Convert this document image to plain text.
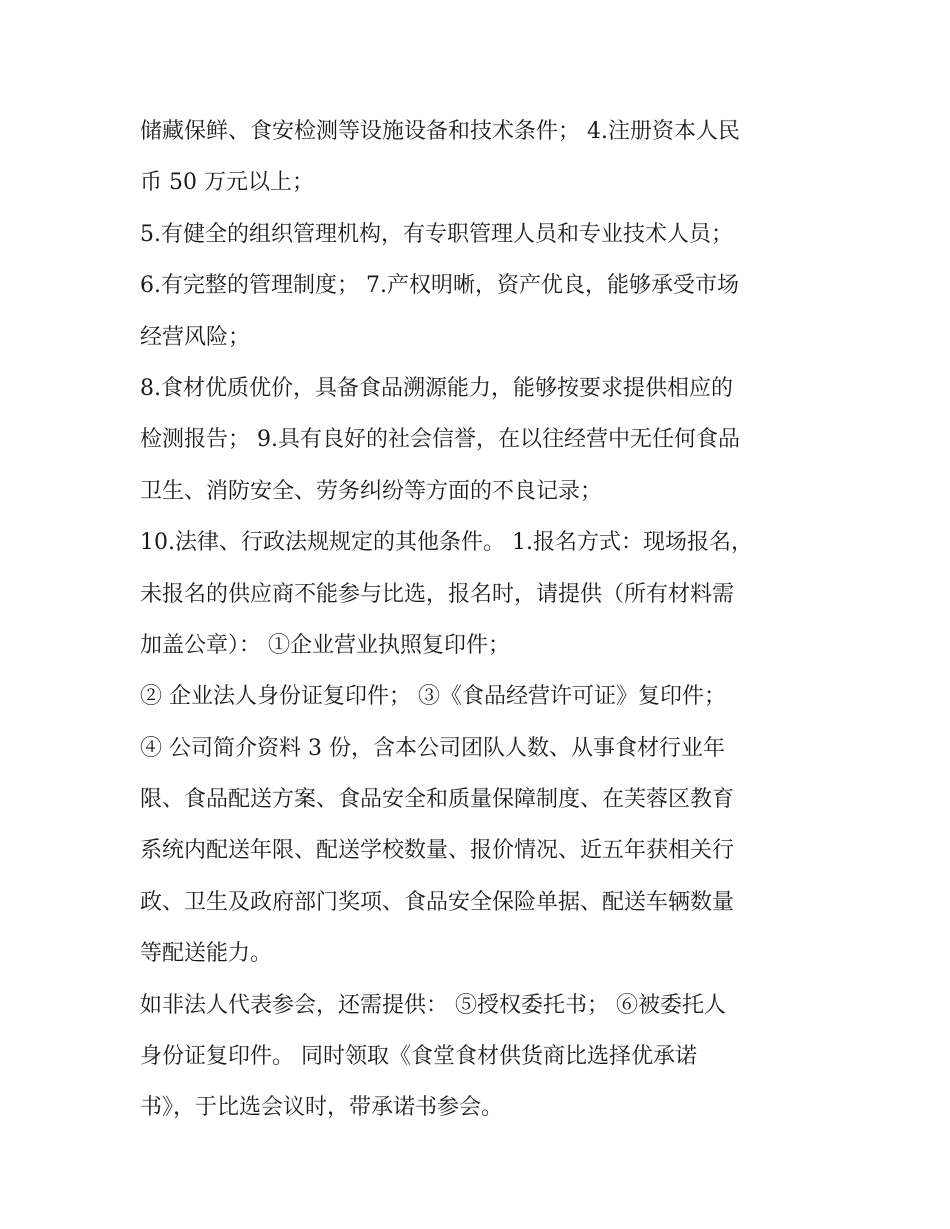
储藏保鲜、食安检测等设施设备和技术条件； 4.注册资本人民
币 50 万元以上；
5.有健全的组织管理机构，有专职管理人员和专业技术人员；
6.有完整的管理制度； 7.产权明晰，资产优良，能够承受市场
经营风险；
8.食材优质优价，具备食品溯源能力，能够按要求提供相应的
检测报告； 9.具有良好的社会信誉，在以往经营中无任何食品
卫生、消防安全、劳务纠纷等方面的不良记录；
10.法律、行政法规规定的其他条件。 1.报名方式：现场报名，
未报名的供应商不能参与比选，报名时，请提供（所有材料需
加盖公章）： ①企业营业执照复印件；
② 企业法人身份证复印件； ③《食品经营许可证》复印件；
④ 公司简介资料 3 份，含本公司团队人数、从事食材行业年
限、食品配送方案、食品安全和质量保障制度、在芙蓉区教育
系统内配送年限、配送学校数量、报价情况、近五年获相关行
政、卫生及政府部门奖项、食品安全保险单据、配送车辆数量
等配送能力。
如非法人代表参会，还需提供： ⑤授权委托书； ⑥被委托人
身份证复印件。 同时领取《食堂食材供货商比选择优承诺
书》，于比选会议时，带承诺书参会。
